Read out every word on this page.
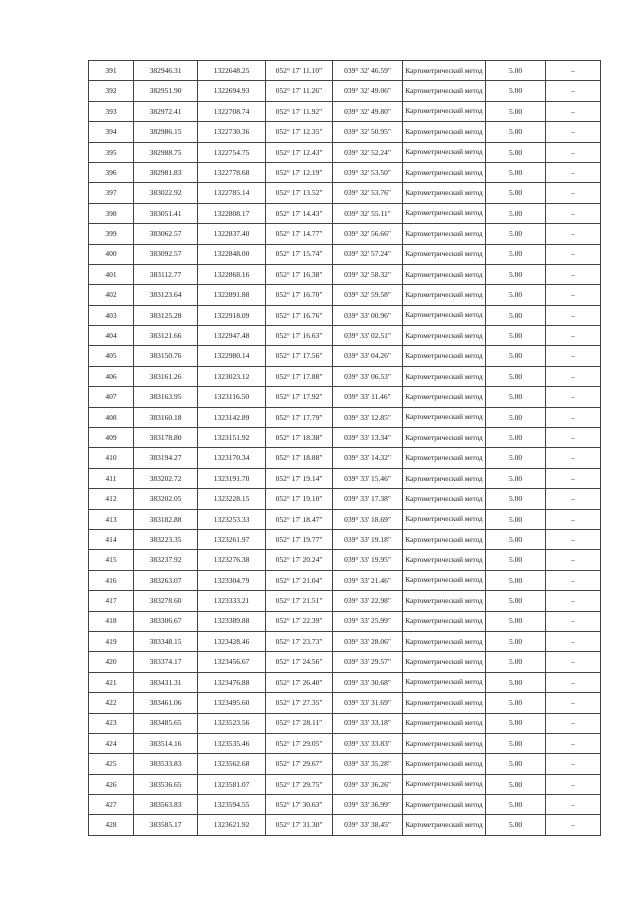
391	382946.31	1322648.25	052° 17' 11.10"	039° 32' 46.59"	Картометрический метод	5.00	–
392	382951.90	1322694.93	052° 17' 11.26"	039° 32' 49.06"	Картометрический метод	5.00	–
393	382972.41	1322708.74	052° 17' 11.92"	039° 32' 49.80"	Картометрический метод	5.00	–
394	382986.15	1322730.36	052° 17' 12.35"	039° 32' 50.95"	Картометрический метод	5.00	–
395	382988.75	1322754.75	052° 17' 12.43"	039° 32' 52.24"	Картометрический метод	5.00	–
396	382981.83	1322778.68	052° 17' 12.19"	039° 32' 53.50"	Картометрический метод	5.00	–
397	383022.92	1322785.14	052° 17' 13.52"	039° 32' 53.76"	Картометрический метод	5.00	–
398	383051.41	1322808.17	052° 17' 14.43"	039° 32' 55.11"	Картометрический метод	5.00	–
399	383062.57	1322837.40	052° 17' 14.77"	039° 32' 56.66"	Картометрический метод	5.00	–
400	383092.57	1322848.00	052° 17' 15.74"	039° 32' 57.24"	Картометрический метод	5.00	–
401	383112.77	1322868.16	052° 17' 16.38"	039° 32' 58.32"	Картометрический метод	5.00	–
402	383123.64	1322891.88	052° 17' 16.70"	039° 32' 59.58"	Картометрический метод	5.00	–
403	383125.28	1322918.09	052° 17' 16.76"	039° 33' 00.96"	Картометрический метод	5.00	–
404	383121.66	1322947.48	052° 17' 16.63"	039° 33' 02.51"	Картометрический метод	5.00	–
405	383150.76	1322980.14	052° 17' 17.56"	039° 33' 04.26"	Картометрический метод	5.00	–
406	383161.26	1323023.12	052° 17' 17.88"	039° 33' 06.53"	Картометрический метод	5.00	–
407	383163.95	1323116.50	052° 17' 17.92"	039° 33' 11.46"	Картометрический метод	5.00	–
408	383160.18	1323142.89	052° 17' 17.79"	039° 33' 12.85"	Картометрический метод	5.00	–
409	383178.80	1323151.92	052° 17' 18.38"	039° 33' 13.34"	Картометрический метод	5.00	–
410	383194.27	1323170.34	052° 17' 18.88"	039° 33' 14.32"	Картометрический метод	5.00	–
411	383202.72	1323191.70	052° 17' 19.14"	039° 33' 15.46"	Картометрический метод	5.00	–
412	383202.05	1323228.15	052° 17' 19.10"	039° 33' 17.38"	Картометрический метод	5.00	–
413	383182.88	1323253.33	052° 17' 18.47"	039° 33' 18.69"	Картометрический метод	5.00	–
414	383223.35	1323261.97	052° 17' 19.77"	039° 33' 19.18"	Картометрический метод	5.00	–
415	383237.92	1323276.38	052° 17' 20.24"	039° 33' 19.95"	Картометрический метод	5.00	–
416	383263.07	1323304.79	052° 17' 21.04"	039° 33' 21.46"	Картометрический метод	5.00	–
417	383278.60	1323333.21	052° 17' 21.51"	039° 33' 22.98"	Картометрический метод	5.00	–
418	383306.67	1323389.88	052° 17' 22.39"	039° 33' 25.99"	Картометрический метод	5.00	–
419	383348.15	1323428.46	052° 17' 23.73"	039° 33' 28.06"	Картометрический метод	5.00	–
420	383374.17	1323456.67	052° 17' 24.56"	039° 33' 29.57"	Картометрический метод	5.00	–
421	383431.31	1323476.88	052° 17' 26.40"	039° 33' 30.68"	Картометрический метод	5.00	–
422	383461.06	1323495.60	052° 17' 27.35"	039° 33' 31.69"	Картометрический метод	5.00	–
423	383485.65	1323523.56	052° 17' 28.11"	039° 33' 33.18"	Картометрический метод	5.00	–
424	383514.16	1323535.46	052° 17' 29.05"	039° 33' 33.83"	Картометрический метод	5.00	–
425	383533.83	1323562.68	052° 17' 29.67"	039° 33' 35.28"	Картометрический метод	5.00	–
426	383536.65	1323581.07	052° 17' 29.75"	039° 33' 36.26"	Картометрический метод	5.00	–
427	383563.83	1323594.55	052° 17' 30.63"	039° 33' 36.99"	Картометрический метод	5.00	–
428	383585.17	1323621.92	052° 17' 31.30"	039° 33' 38.45"	Картометрический метод	5.00	–
